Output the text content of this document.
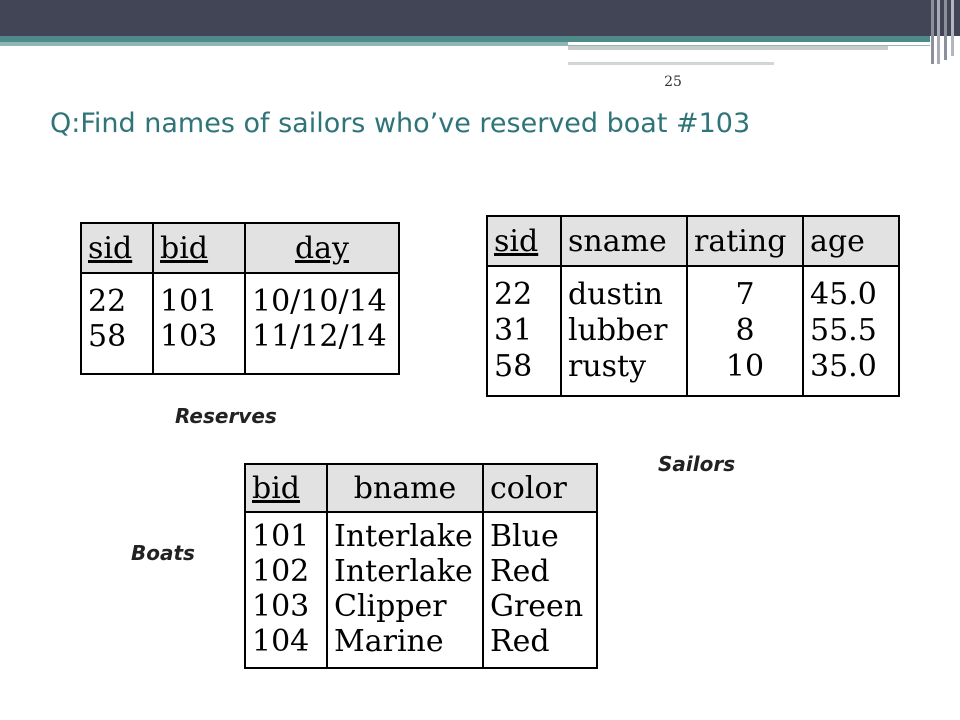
25
Q:Find names of sailors who’ve reserved boat #103
sid	bid	day
22	101	10/10/14
58	103	11/12/14
Reserves
sid	sname	rating	age
22	dustin	7	45.0
31	lubber	8	55.5
58	rusty	10	35.0
Sailors
bid	bname	color
101	Interlake	Blue
102	Interlake	Red
103	Clipper	Green
104	Marine	Red
Boats
